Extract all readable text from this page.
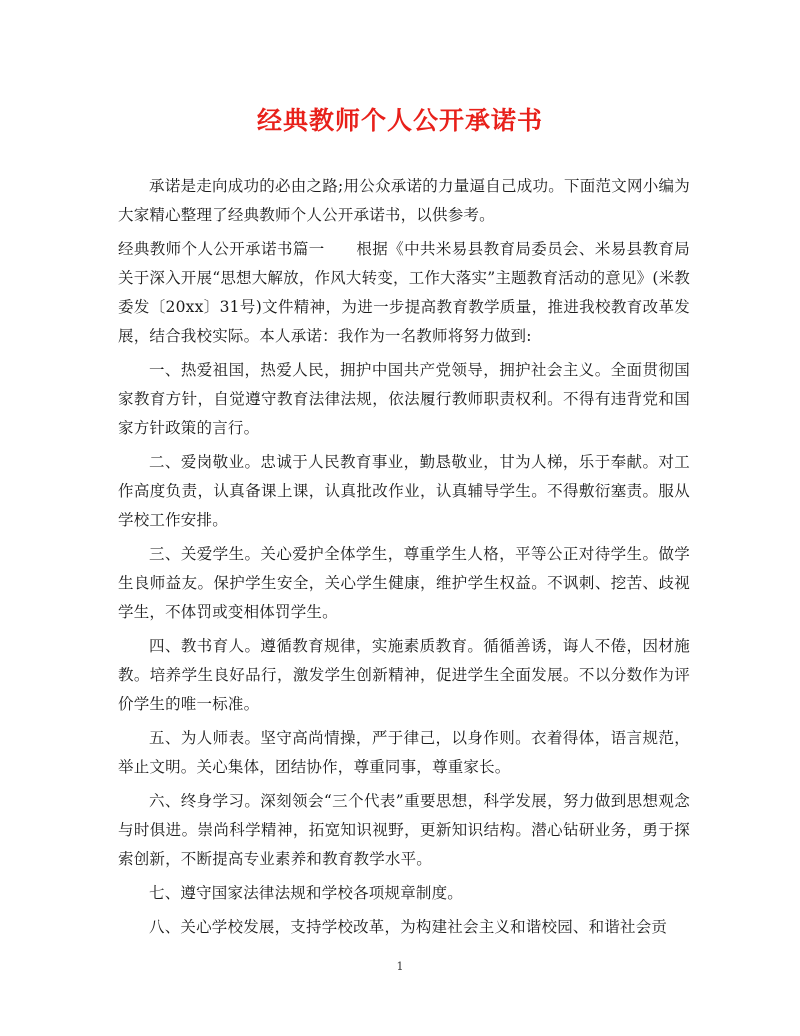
经典教师个人公开承诺书

承诺是走向成功的必由之路;用公众承诺的力量逼自己成功。下面范文网小编为大家精心整理了经典教师个人公开承诺书，以供参考。

经典教师个人公开承诺书篇一　　根据《中共米易县教育局委员会、米易县教育局关于深入开展“思想大解放，作风大转变，工作大落实”主题教育活动的意见》(米教委发〔20xx〕31号)文件精神，为进一步提高教育教学质量，推进我校教育改革发展，结合我校实际。本人承诺：我作为一名教师将努力做到:

一、热爱祖国，热爱人民，拥护中国共产党领导，拥护社会主义。全面贯彻国家教育方针，自觉遵守教育法律法规，依法履行教师职责权利。不得有违背党和国家方针政策的言行。

二、爱岗敬业。忠诚于人民教育事业，勤恳敬业，甘为人梯，乐于奉献。对工作高度负责，认真备课上课，认真批改作业，认真辅导学生。不得敷衍塞责。服从学校工作安排。

三、关爱学生。关心爱护全体学生，尊重学生人格，平等公正对待学生。做学生良师益友。保护学生安全，关心学生健康，维护学生权益。不讽刺、挖苦、歧视学生，不体罚或变相体罚学生。

四、教书育人。遵循教育规律，实施素质教育。循循善诱，诲人不倦，因材施教。培养学生良好品行，激发学生创新精神，促进学生全面发展。不以分数作为评价学生的唯一标准。

五、为人师表。坚守高尚情操，严于律己，以身作则。衣着得体，语言规范，举止文明。关心集体，团结协作，尊重同事，尊重家长。

六、终身学习。深刻领会“三个代表”重要思想，科学发展，努力做到思想观念与时俱进。崇尚科学精神，拓宽知识视野，更新知识结构。潜心钻研业务，勇于探索创新，不断提高专业素养和教育教学水平。

七、遵守国家法律法规和学校各项规章制度。

八、关心学校发展，支持学校改革，为构建社会主义和谐校园、和谐社会贡

1
